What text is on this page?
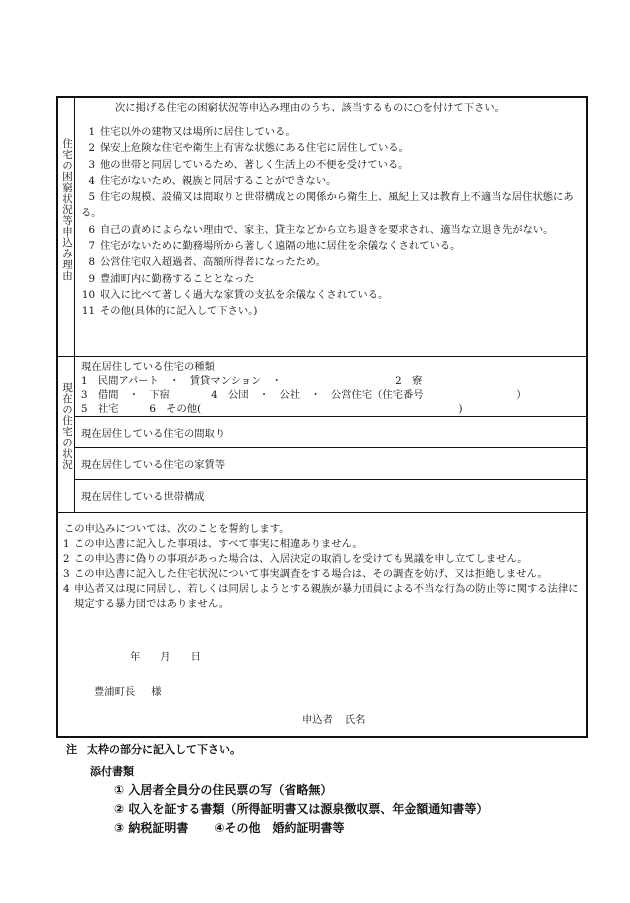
住宅の困窮状況等申込み理由
次に掲げる住宅の困窮状況等申込み理由のうち、該当するものに○を付けて下さい。
1 住宅以外の建物又は場所に居住している。
2 保安上危険な住宅や衛生上有害な状態にある住宅に居住している。
3 他の世帯と同居しているため、著しく生活上の不便を受けている。
4 住宅がないため、親族と同居することができない。
5 住宅の規模、設備又は間取りと世帯構成との関係から衛生上、風紀上又は教育上不適当な居住状態にある。
6 自己の責めによらない理由で、家主、貸主などから立ち退きを要求され、適当な立退き先がない。
7 住宅がないために勤務場所から著しく遠隔の地に居住を余儀なくされている。
8 公営住宅収入超過者、高額所得者になったため。
9 豊浦町内に勤務することとなった
10 収入に比べて著しく過大な家賃の支払を余儀なくされている。
11 その他(具体的に記入して下さい。)
現在の住宅の状況
現在居住している住宅の種類
1　民間アパート　・　賃貸マンション　・　　　　　　　　　　　2　寮
3　借間　・　下宿　　　　4　公団　・　公社　・　公営住宅（住宅番号　　　　　　　　　）
5　社宅　　　6　その他(　　　　　　　　　　　　　　　　　　　　　　　　　)
現在居住している住宅の間取り
現在居住している住宅の家賃等
現在居住している世帯構成
この申込みについては、次のことを誓約します。
1 この申込書に記入した事項は、すべて事実に相違ありません。
2 この申込書に偽りの事項があった場合は、入居決定の取消しを受けても異議を申し立てしません。
3 この申込書に記入した住宅状況について事実調査をする場合は、その調査を妨げ、又は拒絶しません。
4 申込者又は現に同居し、若しくは同居しようとする親族が暴力団員による不当な行為の防止等に関する法律に規定する暴力団ではありません。
年 月 日
豊浦町長 様
申込者 氏名
注 太枠の部分に記入して下さい。
添付書類
① 入居者全員分の住民票の写（省略無）
② 収入を証する書類（所得証明書又は源泉徴収票、年金額通知書等）
③ 納税証明書 ④その他　婚約証明書等
